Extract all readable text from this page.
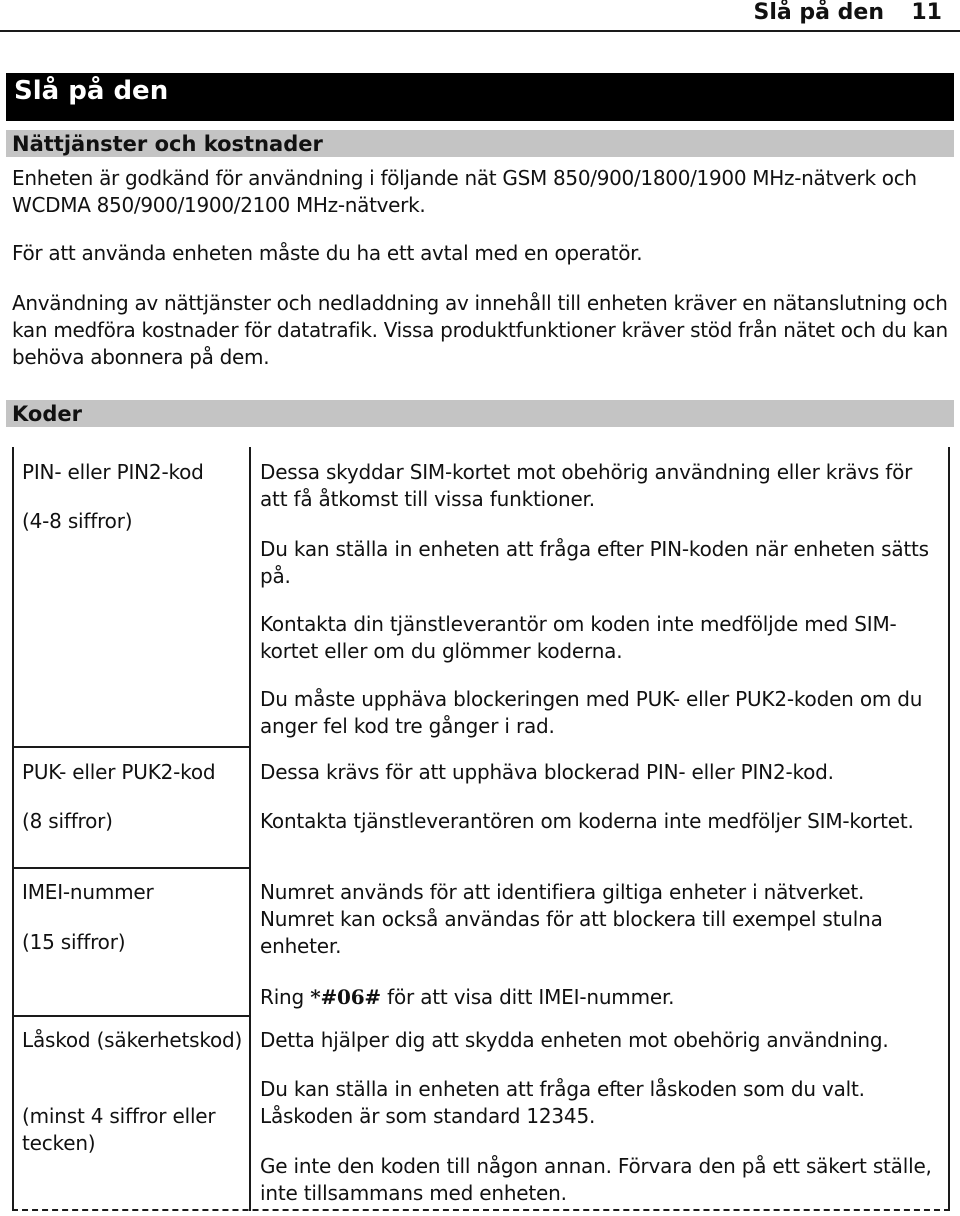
Slå på den 11
Slå på den
Nättjänster och kostnader

Enheten är godkänd för användning i följande nät GSM 850/900/1800/1900 MHz-nätverk och WCDMA 850/900/1900/2100 MHz-nätverk.

För att använda enheten måste du ha ett avtal med en operatör.

Användning av nättjänster och nedladdning av innehåll till enheten kräver en nätanslutning och kan medföra kostnader för datatrafik. Vissa produktfunktioner kräver stöd från nätet och du kan behöva abonnera på dem.

Koder

PIN- eller PIN2-kod

(4-8 siffror)

Dessa skyddar SIM-kortet mot obehörig användning eller krävs för att få åtkomst till vissa funktioner.

Du kan ställa in enheten att fråga efter PIN-koden när enheten sätts på.

Kontakta din tjänstleverantör om koden inte medföljde med SIM-kortet eller om du glömmer koderna.

Du måste upphäva blockeringen med PUK- eller PUK2-koden om du anger fel kod tre gånger i rad.

PUK- eller PUK2-kod

(8 siffror)

Dessa krävs för att upphäva blockerad PIN- eller PIN2-kod.

Kontakta tjänstleverantören om koderna inte medföljer SIM-kortet.

IMEI-nummer

(15 siffror)

Numret används för att identifiera giltiga enheter i nätverket. Numret kan också användas för att blockera till exempel stulna enheter.

Ring *#06# för att visa ditt IMEI-nummer.

Låskod (säkerhetskod)

(minst 4 siffror eller tecken)

Detta hjälper dig att skydda enheten mot obehörig användning.

Du kan ställa in enheten att fråga efter låskoden som du valt. Låskoden är som standard 12345.

Ge inte den koden till någon annan. Förvara den på ett säkert ställe, inte tillsammans med enheten.
